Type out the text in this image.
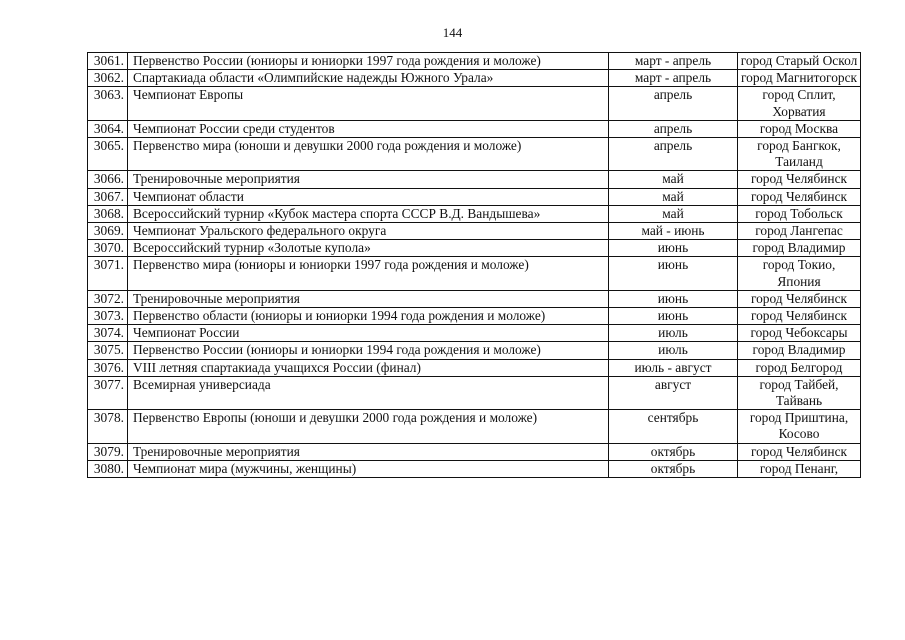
144
3061.	Первенство России (юниоры и юниорки 1997 года рождения и моложе)	март - апрель	город Старый Оскол
3062.	Спартакиада области «Олимпийские надежды Южного Урала»	март - апрель	город Магнитогорск
3063.	Чемпионат Европы	апрель	город Сплит, Хорватия
3064.	Чемпионат России среди студентов	апрель	город Москва
3065.	Первенство мира (юноши и девушки 2000 года рождения и моложе)	апрель	город Бангкок, Таиланд
3066.	Тренировочные мероприятия	май	город Челябинск
3067.	Чемпионат области	май	город Челябинск
3068.	Всероссийский турнир «Кубок мастера спорта СССР В.Д. Вандышева»	май	город Тобольск
3069.	Чемпионат Уральского федерального округа	май - июнь	город Лангепас
3070.	Всероссийский турнир «Золотые купола»	июнь	город Владимир
3071.	Первенство мира (юниоры и юниорки 1997 года рождения и моложе)	июнь	город Токио, Япония
3072.	Тренировочные мероприятия	июнь	город Челябинск
3073.	Первенство области (юниоры и юниорки 1994 года рождения и моложе)	июнь	город Челябинск
3074.	Чемпионат России	июль	город Чебоксары
3075.	Первенство России (юниоры и юниорки 1994 года рождения и моложе)	июль	город Владимир
3076.	VIII летняя спартакиада учащихся России (финал)	июль - август	город Белгород
3077.	Всемирная универсиада	август	город Тайбей, Тайвань
3078.	Первенство Европы (юноши и девушки 2000 года рождения и моложе)	сентябрь	город Приштина, Косово
3079.	Тренировочные мероприятия	октябрь	город Челябинск
3080.	Чемпионат мира (мужчины, женщины)	октябрь	город Пенанг,
